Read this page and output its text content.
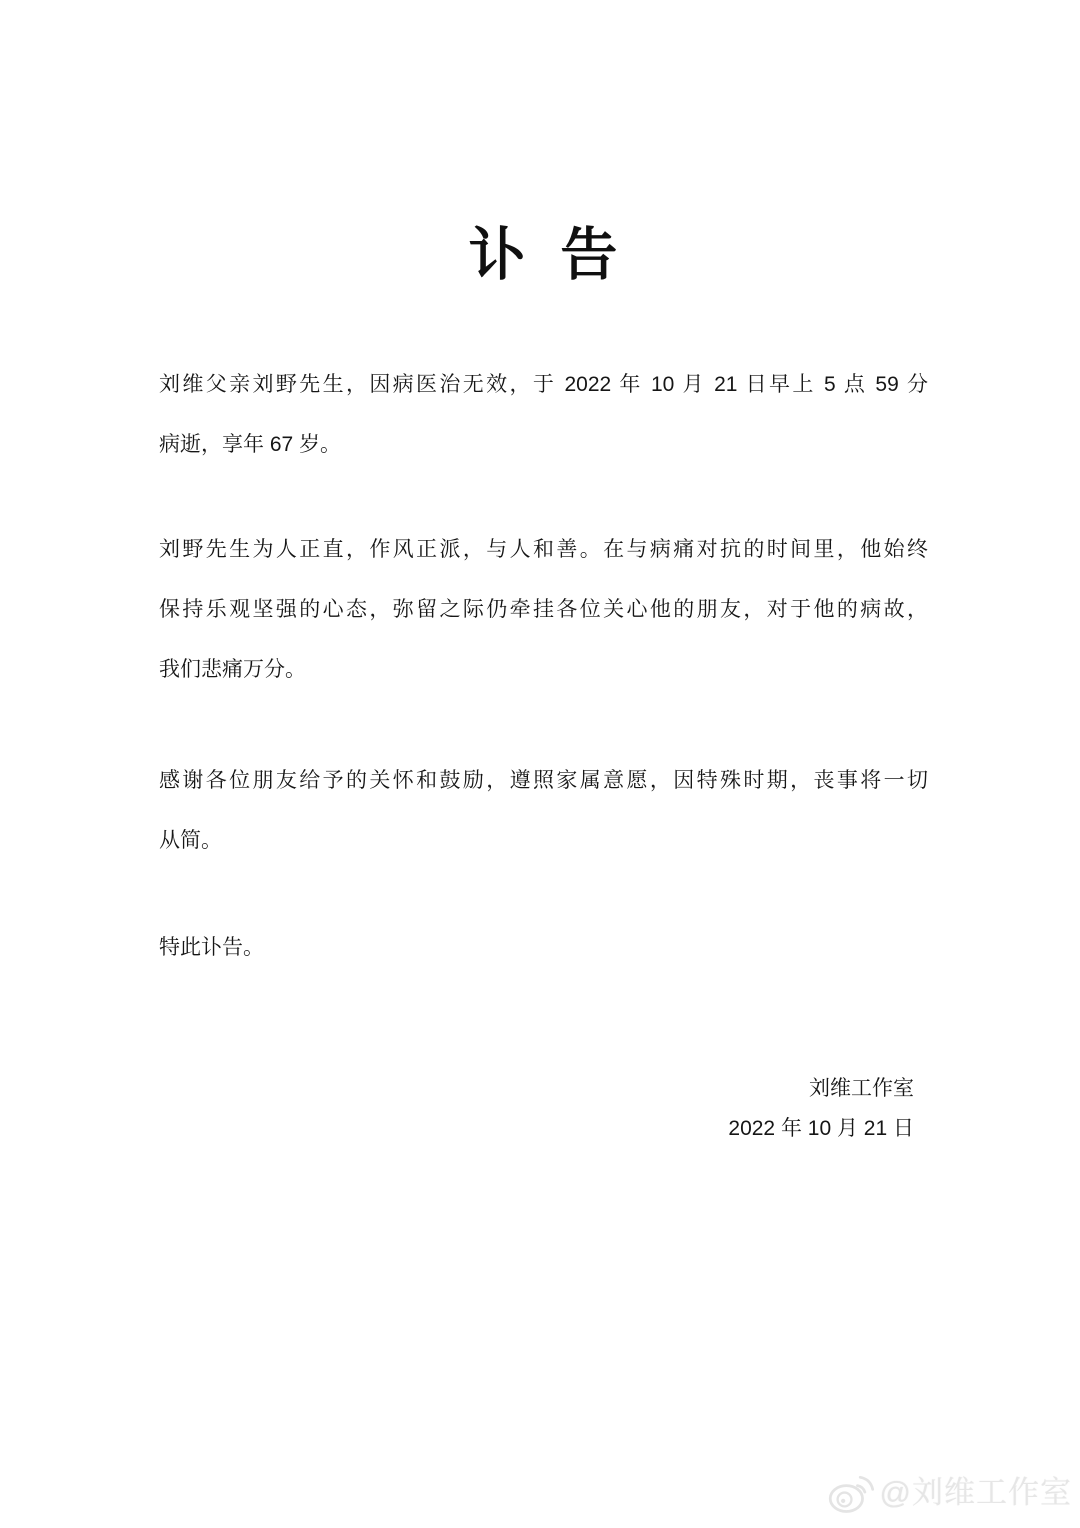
讣  告
刘维父亲刘野先生，因病医治无效，于 2022 年 10 月 21 日早上 5 点 59 分
病逝，享年 67 岁。
刘野先生为人正直，作风正派，与人和善。在与病痛对抗的时间里，他始终
保持乐观坚强的心态，弥留之际仍牵挂各位关心他的朋友，对于他的病故，
我们悲痛万分。
感谢各位朋友给予的关怀和鼓励，遵照家属意愿，因特殊时期，丧事将一切
从简。
特此讣告。
刘维工作室
2022 年 10 月 21 日
@刘维工作室
